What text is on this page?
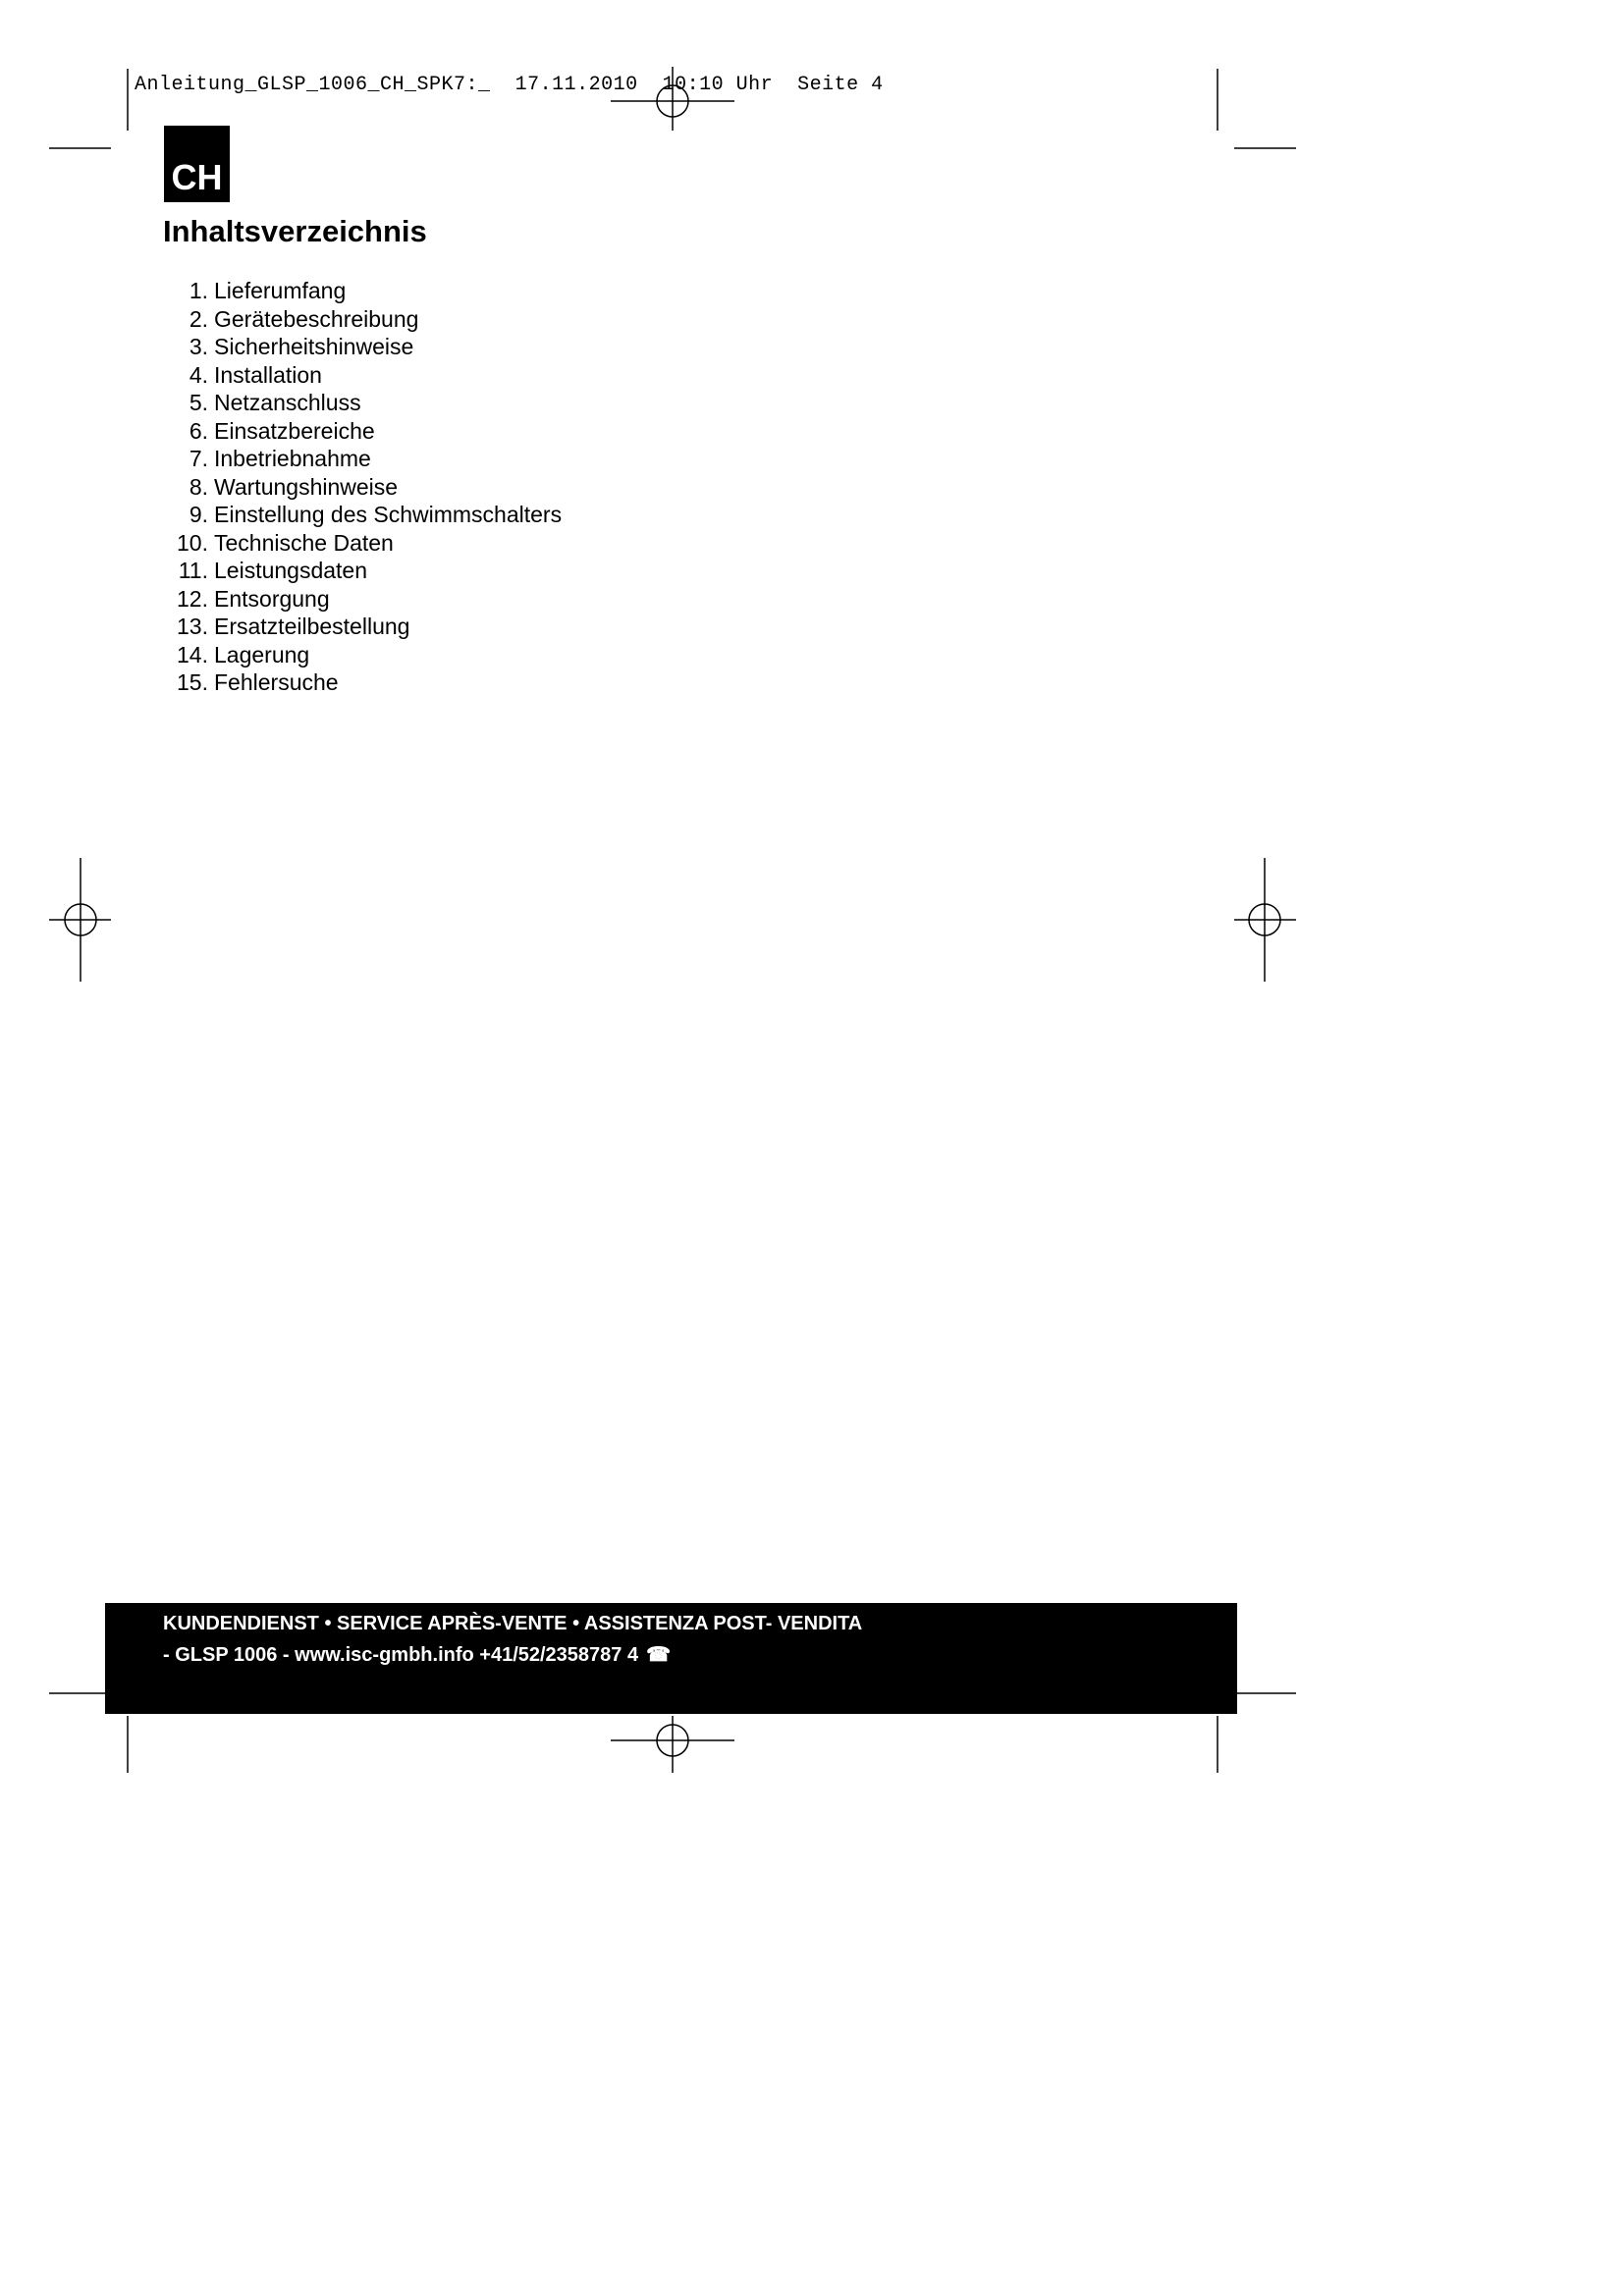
Anleitung_GLSP_1006_CH_SPK7:_ 17.11.2010 10:10 Uhr Seite 4
CH
Inhaltsverzeichnis
1. Lieferumfang
2. Gerätebeschreibung
3. Sicherheitshinweise
4. Installation
5. Netzanschluss
6. Einsatzbereiche
7. Inbetriebnahme
8. Wartungshinweise
9. Einstellung des Schwimmschalters
10. Technische Daten
11. Leistungsdaten
12. Entsorgung
13. Ersatzteilbestellung
14. Lagerung
15. Fehlersuche
KUNDENDIENST • SERVICE APRÈS-VENTE • ASSISTENZA POST- VENDITA
- GLSP 1006 - www.isc-gmbh.info +41/52/2358787 4 ☎
